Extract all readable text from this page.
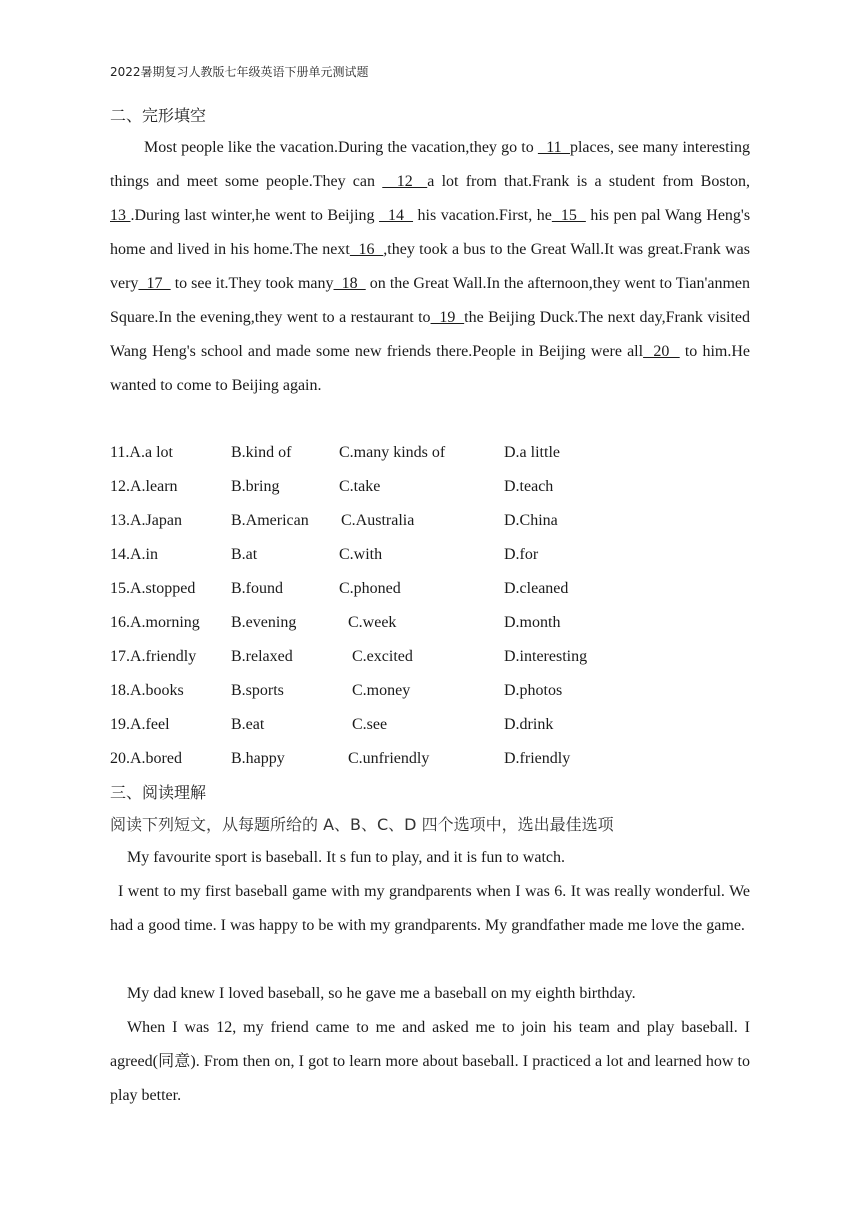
2022暑期复习人教版七年级英语下册单元测试题
二、完形填空
Most people like the vacation.During the vacation,they go to   11  places, see many interesting things and meet some people.They can   12  a lot from that.Frank is a student from Boston, 13 .During last winter,he went to Beijing   14   his vacation.First, he  15   his pen pal Wang Heng's home and lived in his home.The next  16  ,they took a bus to the Great Wall.It was great.Frank was very  17   to see it.They took many  18   on the Great Wall.In the afternoon,they went to Tian'anmen Square.In the evening,they went to a restaurant to  19  the Beijing Duck.The next day,Frank visited Wang Heng's school and made some new friends there.People in Beijing were all  20   to him.He wanted to come to Beijing again.
11.A.a lot	B.kind of	C.many kinds of	D.a little
12.A.learn	B.bring	C.take	D.teach
13.A.Japan	B.American C.Australia	D.China
14.A.in	B.at	C.with	D.for
15.A.stopped B.found	C.phoned	D.cleaned
16.A.morning B.evening	C.week	D.month
17.A.friendly B.relaxed	C.excited	D.interesting
18.A.books	B.sports	C.money	D.photos
19.A.feel	B.eat	C.see	D.drink
20.A.bored	B.happy	C.unfriendly	D.friendly
三、阅读理解
阅读下列短文，从每题所给的 A、B、C、D 四个选项中，选出最佳选项
My favourite sport is baseball. It s fun to play, and it is fun to watch.
I went to my first baseball game with my grandparents when I was 6. It was really wonderful. We had a good time. I was happy to be with my grandparents. My grandfather made me love the game.
My dad knew I loved baseball, so he gave me a baseball on my eighth birthday.
When I was 12, my friend came to me and asked me to join his team and play baseball. I agreed(同意). From then on, I got to learn more about baseball. I practiced a lot and learned how to play better.
